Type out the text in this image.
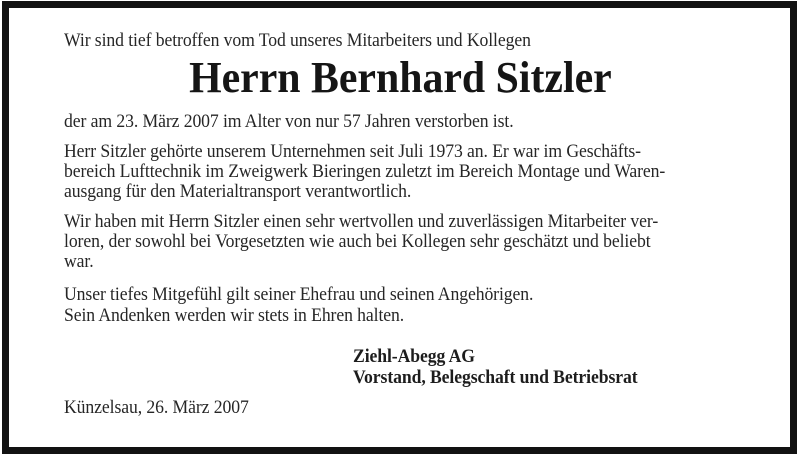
Wir sind tief betroffen vom Tod unseres Mitarbeiters und Kollegen
Herrn Bernhard Sitzler
der am 23. März 2007 im Alter von nur 57 Jahren verstorben ist.
Herr Sitzler gehörte unserem Unternehmen seit Juli 1973 an. Er war im Geschäfts-
bereich Lufttechnik im Zweigwerk Bieringen zuletzt im Bereich Montage und Waren-
ausgang für den Materialtransport verantwortlich.
Wir haben mit Herrn Sitzler einen sehr wertvollen und zuverlässigen Mitarbeiter ver-
loren, der sowohl bei Vorgesetzten wie auch bei Kollegen sehr geschätzt und beliebt
war.
Unser tiefes Mitgefühl gilt seiner Ehefrau und seinen Angehörigen.
Sein Andenken werden wir stets in Ehren halten.
Ziehl-Abegg AG
Vorstand, Belegschaft und Betriebsrat
Künzelsau, 26. März 2007
